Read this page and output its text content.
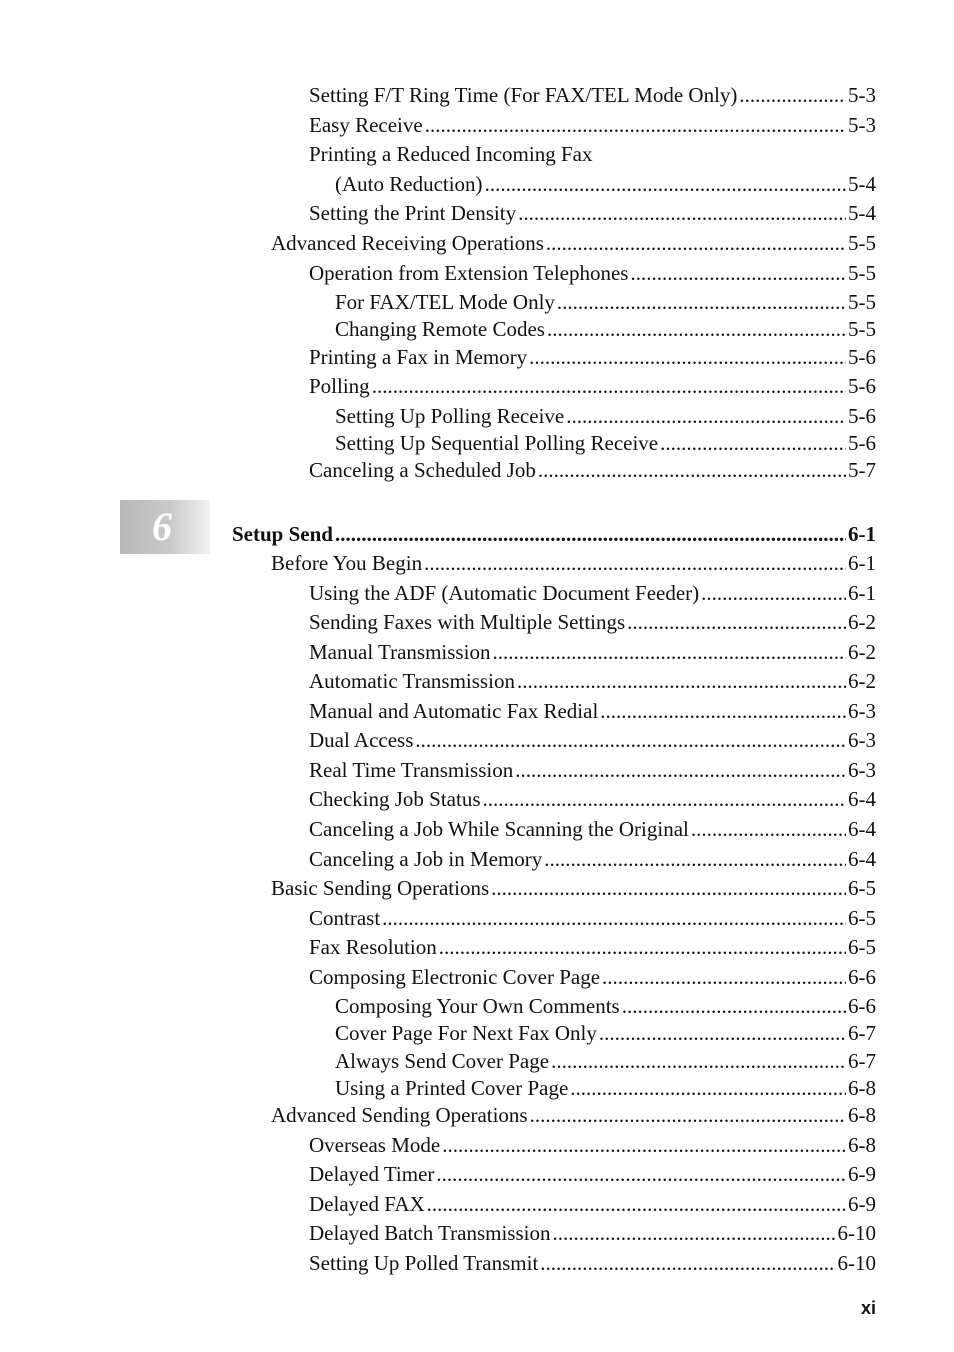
Setting F/T Ring Time (For FAX/TEL Mode Only) .....	5-3
Easy Receive .....	5-3
Printing a Reduced Incoming Fax
(Auto Reduction) .....	5-4
Setting the Print Density .....	5-4
Advanced Receiving Operations .....	5-5
Operation from Extension Telephones .....	5-5
For FAX/TEL Mode Only .....	5-5
Changing Remote Codes .....	5-5
Printing a Fax in Memory .....	5-6
Polling .....	5-6
Setting Up Polling Receive .....	5-6
Setting Up Sequential Polling Receive .....	5-6
Canceling a Scheduled Job .....	5-7
6	Setup Send .....	6-1
Before You Begin .....	6-1
Using the ADF (Automatic Document Feeder) .....	6-1
Sending Faxes with Multiple Settings .....	6-2
Manual Transmission .....	6-2
Automatic Transmission .....	6-2
Manual and Automatic Fax Redial .....	6-3
Dual Access .....	6-3
Real Time Transmission .....	6-3
Checking Job Status .....	6-4
Canceling a Job While Scanning the Original .....	6-4
Canceling a Job in Memory .....	6-4
Basic Sending Operations .....	6-5
Contrast .....	6-5
Fax Resolution .....	6-5
Composing Electronic Cover Page .....	6-6
Composing Your Own Comments .....	6-6
Cover Page For Next Fax Only .....	6-7
Always Send Cover Page .....	6-7
Using a Printed Cover Page .....	6-8
Advanced Sending Operations .....	6-8
Overseas Mode .....	6-8
Delayed Timer .....	6-9
Delayed FAX .....	6-9
Delayed Batch Transmission .....	6-10
Setting Up Polled Transmit .....	6-10
xi
